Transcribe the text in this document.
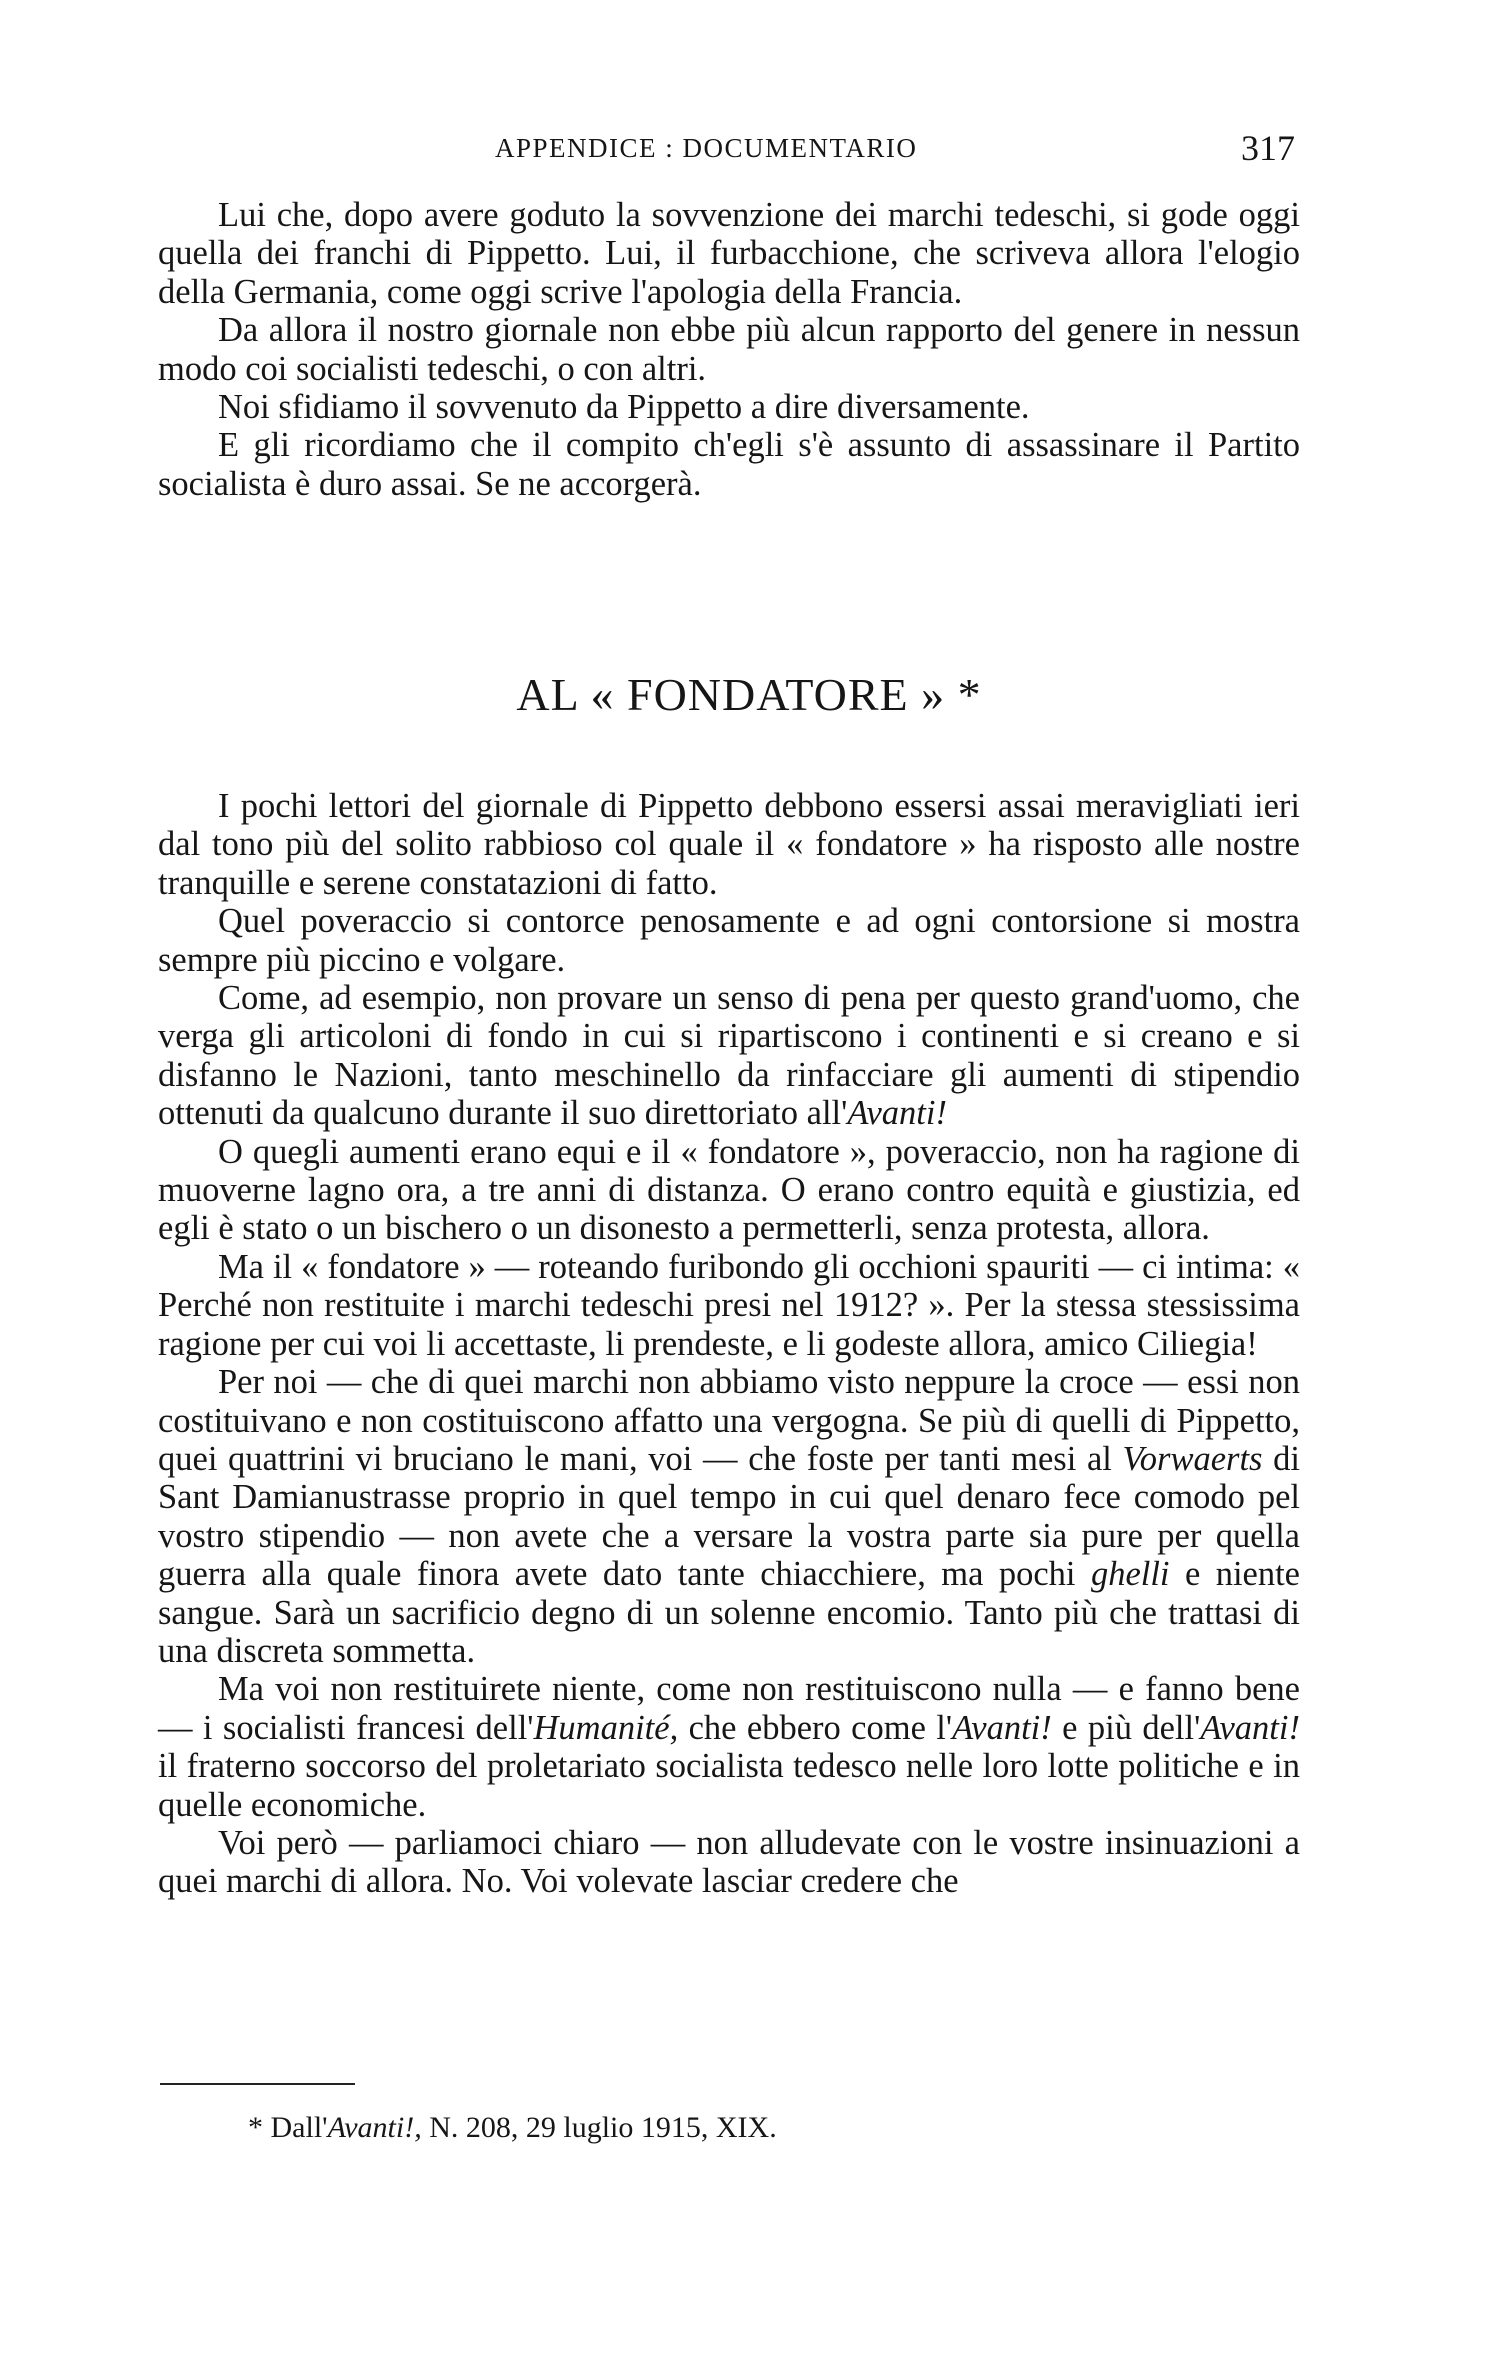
APPENDICE : DOCUMENTARIO	317

Lui che, dopo avere goduto la sovvenzione dei marchi tedeschi, si gode oggi quella dei franchi di Pippetto. Lui, il furbacchione, che scriveva allora l'elogio della Germania, come oggi scrive l'apologia della Francia.

Da allora il nostro giornale non ebbe più alcun rapporto del genere in nessun modo coi socialisti tedeschi, o con altri.

Noi sfidiamo il sovvenuto da Pippetto a dire diversamente.

E gli ricordiamo che il compito ch'egli s'è assunto di assassinare il Partito socialista è duro assai. Se ne accorgerà.

AL « FONDATORE » *

I pochi lettori del giornale di Pippetto debbono essersi assai meravigliati ieri dal tono più del solito rabbioso col quale il « fondatore » ha risposto alle nostre tranquille e serene constatazioni di fatto.

Quel poveraccio si contorce penosamente e ad ogni contorsione si mostra sempre più piccino e volgare.

Come, ad esempio, non provare un senso di pena per questo grand'uomo, che verga gli articoloni di fondo in cui si ripartiscono i continenti e si creano e si disfanno le Nazioni, tanto meschinello da rinfacciare gli aumenti di stipendio ottenuti da qualcuno durante il suo direttoriato all'Avanti!

O quegli aumenti erano equi e il « fondatore », poveraccio, non ha ragione di muoverne lagno ora, a tre anni di distanza. O erano contro equità e giustizia, ed egli è stato o un bischero o un disonesto a permetterli, senza protesta, allora.

Ma il « fondatore » — roteando furibondo gli occhioni spauriti — ci intima: « Perché non restituite i marchi tedeschi presi nel 1912? ». Per la stessa stessissima ragione per cui voi li accettaste, li prendeste, e li godeste allora, amico Ciliegia!

Per noi — che di quei marchi non abbiamo visto neppure la croce — essi non costituivano e non costituiscono affatto una vergogna. Se più di quelli di Pippetto, quei quattrini vi bruciano le mani, voi — che foste per tanti mesi al Vorwaerts di Sant Damianustrasse proprio in quel tempo in cui quel denaro fece comodo pel vostro stipendio — non avete che a versare la vostra parte sia pure per quella guerra alla quale finora avete dato tante chiacchiere, ma pochi ghelli e niente sangue. Sarà un sacrificio degno di un solenne encomio. Tanto più che trattasi di una discreta sommetta.

Ma voi non restituirete niente, come non restituiscono nulla — e fanno bene — i socialisti francesi dell'Humanité, che ebbero come l'Avanti! e più dell'Avanti! il fraterno soccorso del proletariato socialista tedesco nelle loro lotte politiche e in quelle economiche.

Voi però — parliamoci chiaro — non alludevate con le vostre insinuazioni a quei marchi di allora. No. Voi volevate lasciar credere che

* Dall'Avanti!, N. 208, 29 luglio 1915, XIX.
